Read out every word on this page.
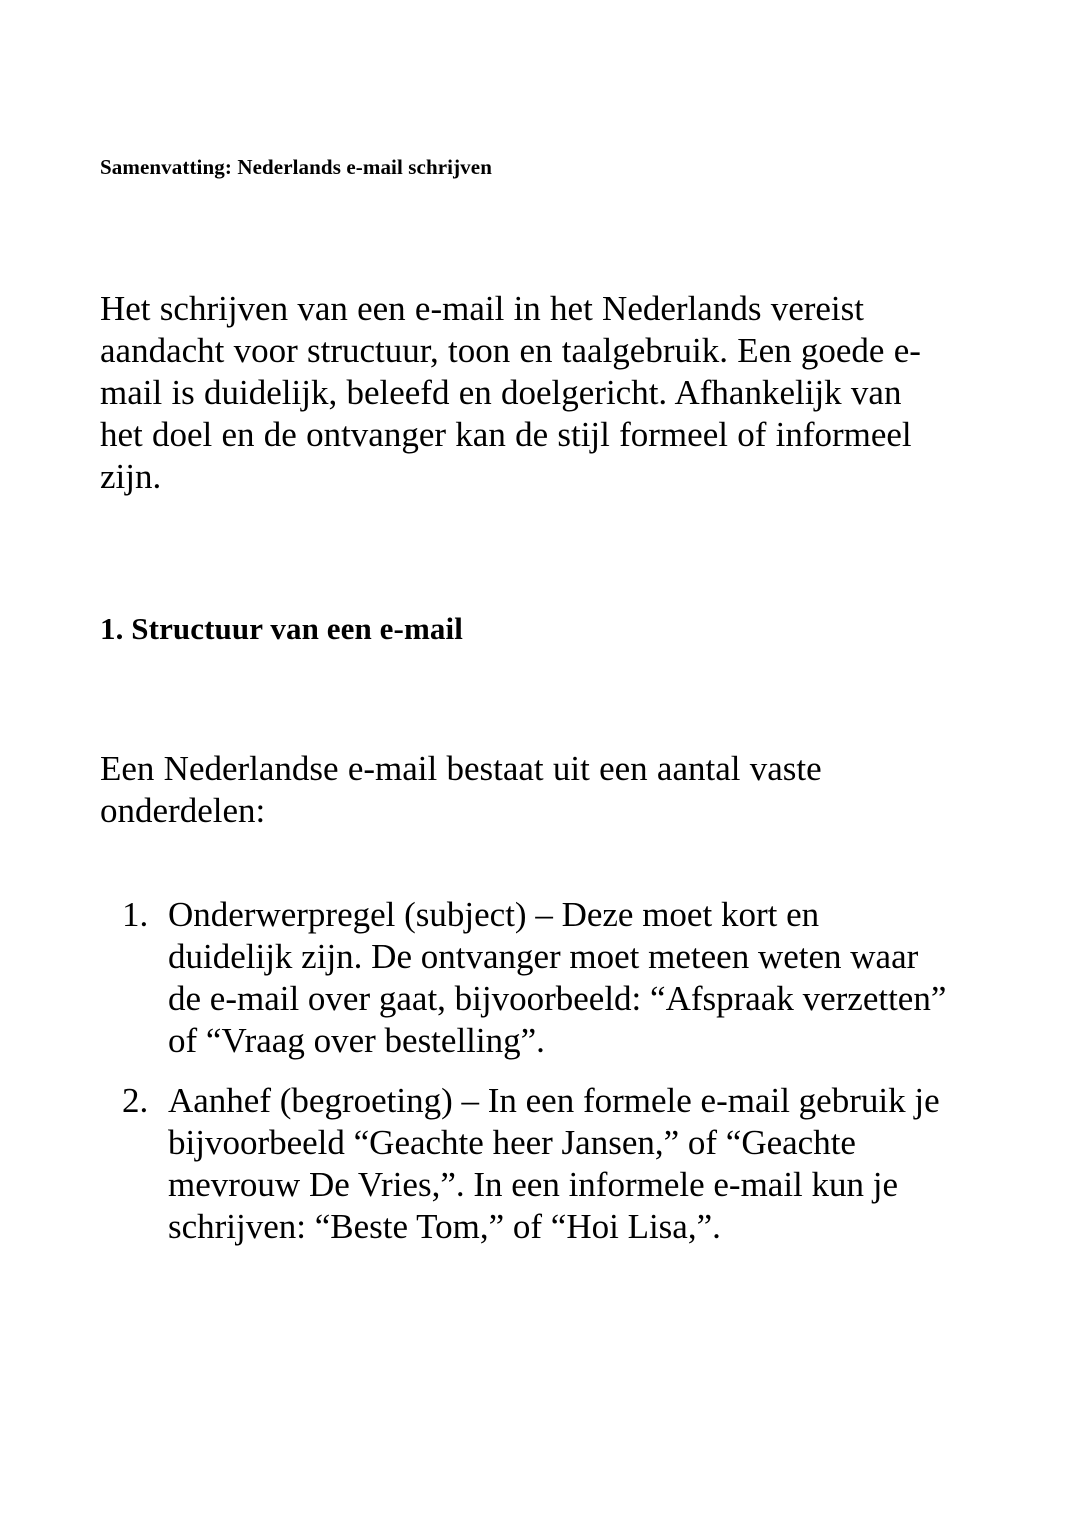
Samenvatting: Nederlands e-mail schrijven

Het schrijven van een e-mail in het Nederlands vereist aandacht voor structuur, toon en taalgebruik. Een goede e-mail is duidelijk, beleefd en doelgericht. Afhankelijk van het doel en de ontvanger kan de stijl formeel of informeel zijn.

1. Structuur van een e-mail

Een Nederlandse e-mail bestaat uit een aantal vaste onderdelen:

1. Onderwerpregel (subject) – Deze moet kort en duidelijk zijn. De ontvanger moet meteen weten waar de e-mail over gaat, bijvoorbeeld: “Afspraak verzetten” of “Vraag over bestelling”.
2. Aanhef (begroeting) – In een formele e-mail gebruik je bijvoorbeeld “Geachte heer Jansen,” of “Geachte mevrouw De Vries,”. In een informele e-mail kun je schrijven: “Beste Tom,” of “Hoi Lisa,”.
